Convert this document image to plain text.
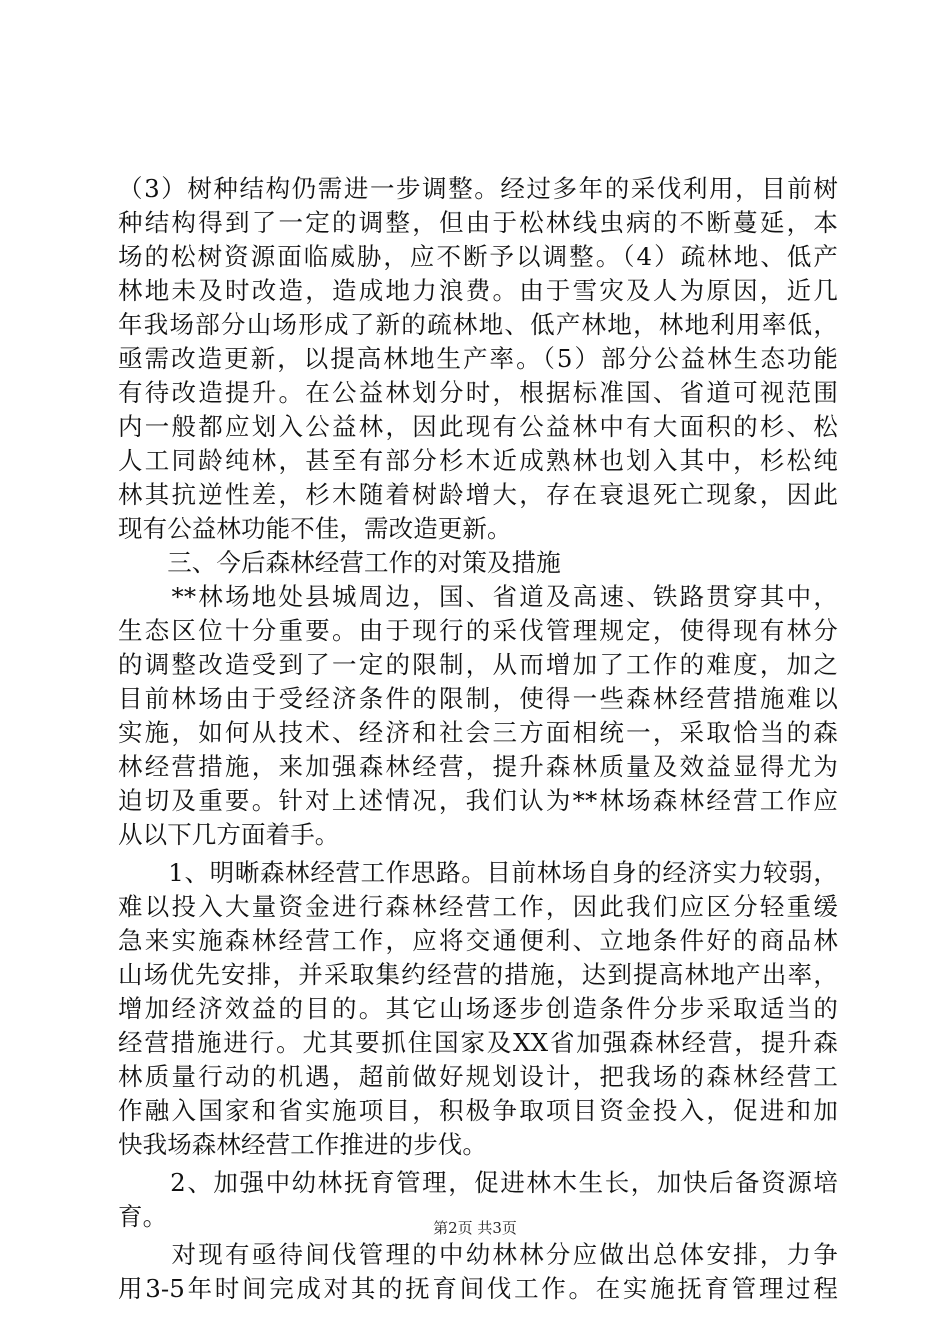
（3）树种结构仍需进一步调整。经过多年的采伐利用，目前树
种结构得到了一定的调整，但由于松林线虫病的不断蔓延，本
场的松树资源面临威胁，应不断予以调整。（4）疏林地、低产
林地未及时改造，造成地力浪费。由于雪灾及人为原因，近几
年我场部分山场形成了新的疏林地、低产林地，林地利用率低，
亟需改造更新，以提高林地生产率。（5）部分公益林生态功能
有待改造提升。在公益林划分时，根据标准国、省道可视范围
内一般都应划入公益林，因此现有公益林中有大面积的杉、松
人工同龄纯林，甚至有部分杉木近成熟林也划入其中，杉松纯
林其抗逆性差，杉木随着树龄增大，存在衰退死亡现象，因此
现有公益林功能不佳，需改造更新。
　　三、今后森林经营工作的对策及措施
　　**林场地处县城周边，国、省道及高速、铁路贯穿其中，
生态区位十分重要。由于现行的采伐管理规定，使得现有林分
的调整改造受到了一定的限制，从而增加了工作的难度，加之
目前林场由于受经济条件的限制，使得一些森林经营措施难以
实施，如何从技术、经济和社会三方面相统一，采取恰当的森
林经营措施，来加强森林经营，提升森林质量及效益显得尤为
迫切及重要。针对上述情况，我们认为**林场森林经营工作应
从以下几方面着手。
　　1、明晰森林经营工作思路。目前林场自身的经济实力较弱，
难以投入大量资金进行森林经营工作，因此我们应区分轻重缓
急来实施森林经营工作，应将交通便利、立地条件好的商品林
山场优先安排，并采取集约经营的措施，达到提高林地产出率，
增加经济效益的目的。其它山场逐步创造条件分步采取适当的
经营措施进行。尤其要抓住国家及XX省加强森林经营，提升森
林质量行动的机遇，超前做好规划设计，把我场的森林经营工
作融入国家和省实施项目，积极争取项目资金投入，促进和加
快我场森林经营工作推进的步伐。
　　2、加强中幼林抚育管理，促进林木生长，加快后备资源培
育。
　　对现有亟待间伐管理的中幼林林分应做出总体安排，力争
用3-5年时间完成对其的抚育间伐工作。在实施抚育管理过程
第2页 共3页
